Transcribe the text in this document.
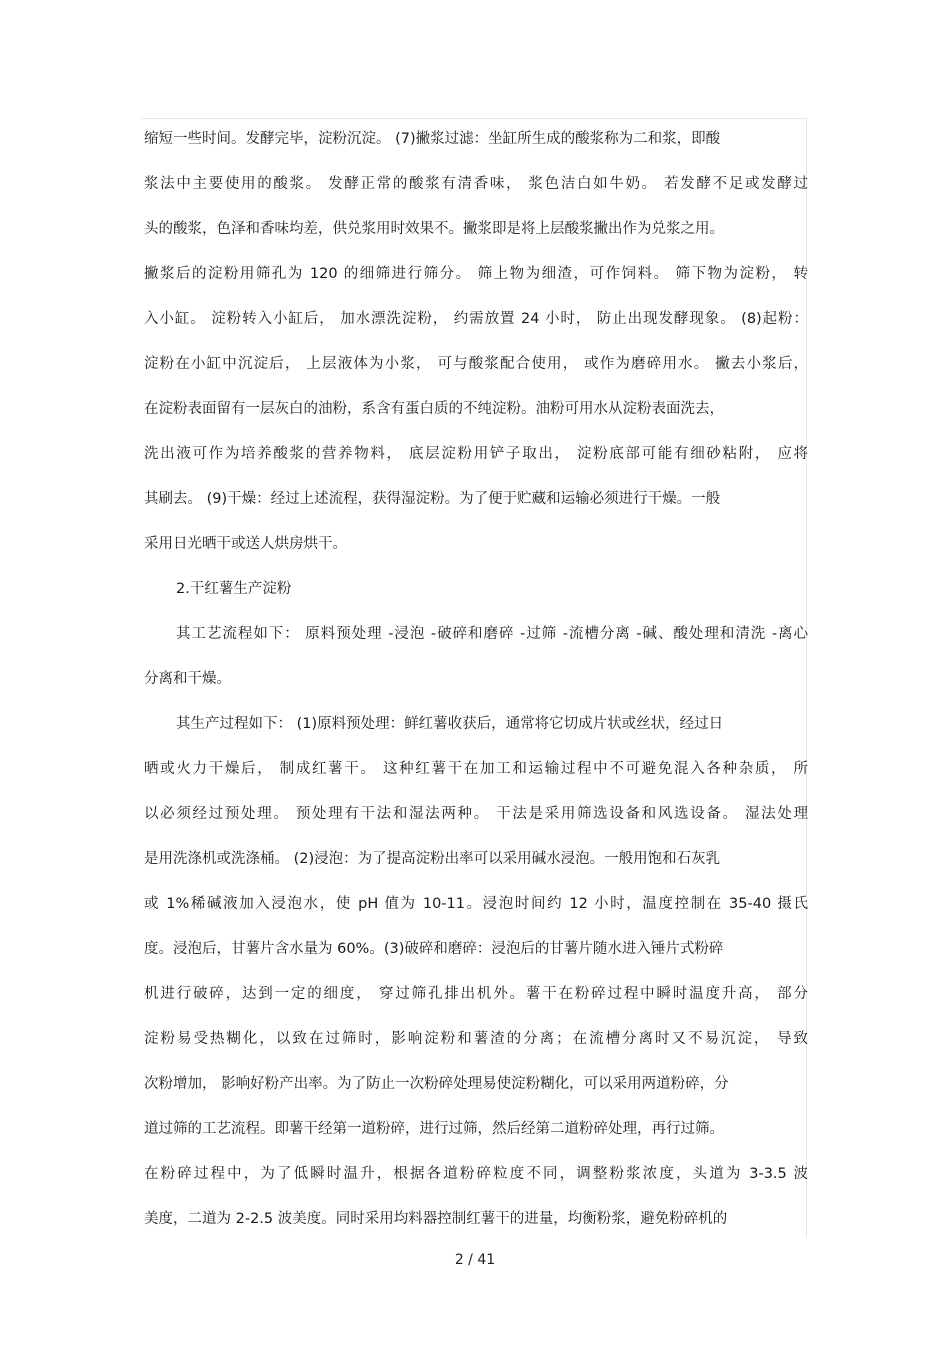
缩短一些时间。发酵完毕，淀粉沉淀。 (7)撇浆过滤：坐缸所生成的酸浆称为二和浆，即酸
浆法中主要使用的酸浆。 发酵正常的酸浆有清香味， 浆色洁白如牛奶。 若发酵不足或发酵过
头的酸浆，色泽和香味均差，供兑浆用时效果不。撇浆即是将上层酸浆撇出作为兑浆之用。
撇浆后的淀粉用筛孔为 120 的细筛进行筛分。 筛上物为细渣，可作饲料。 筛下物为淀粉， 转
入小缸。 淀粉转入小缸后， 加水漂洗淀粉， 约需放置 24 小时， 防止出现发酵现象。 (8)起粉：
淀粉在小缸中沉淀后， 上层液体为小浆， 可与酸浆配合使用， 或作为磨碎用水。 撇去小浆后，
在淀粉表面留有一层灰白的油粉，系含有蛋白质的不纯淀粉。油粉可用水从淀粉表面洗去，
洗出液可作为培养酸浆的营养物料， 底层淀粉用铲子取出， 淀粉底部可能有细砂粘附， 应将
其刷去。 (9)干燥：经过上述流程，获得湿淀粉。为了便于贮藏和运输必须进行干燥。一般
采用日光晒干或送人烘房烘干。
2.干红薯生产淀粉
其工艺流程如下： 原料预处理 -浸泡 -破碎和磨碎 -过筛 -流槽分离 -碱、酸处理和清洗 -离心
分离和干燥。
其生产过程如下： (1)原料预处理：鲜红薯收获后，通常将它切成片状或丝状，经过日
晒或火力干燥后， 制成红薯干。 这种红薯干在加工和运输过程中不可避免混入各种杂质， 所
以必须经过预处理。 预处理有干法和湿法两种。 干法是采用筛选设备和风选设备。 湿法处理
是用洗涤机或洗涤桶。 (2)浸泡：为了提高淀粉出率可以采用碱水浸泡。一般用饱和石灰乳
或 1%稀碱液加入浸泡水，使 pH 值为 10-11。浸泡时间约 12 小时，温度控制在 35-40 摄氏
度。浸泡后，甘薯片含水量为 60%。(3)破碎和磨碎：浸泡后的甘薯片随水进入锤片式粉碎
机进行破碎，达到一定的细度， 穿过筛孔排出机外。薯干在粉碎过程中瞬时温度升高， 部分
淀粉易受热糊化，以致在过筛时，影响淀粉和薯渣的分离；在流槽分离时又不易沉淀， 导致
次粉增加， 影响好粉产出率。为了防止一次粉碎处理易使淀粉糊化，可以采用两道粉碎，分
道过筛的工艺流程。即薯干经第一道粉碎，进行过筛，然后经第二道粉碎处理，再行过筛。
在粉碎过程中，为了低瞬时温升，根据各道粉碎粒度不同，调整粉浆浓度，头道为 3-3.5 波
美度，二道为 2-2.5 波美度。同时采用均料器控制红薯干的进量，均衡粉浆，避免粉碎机的
2 / 41
